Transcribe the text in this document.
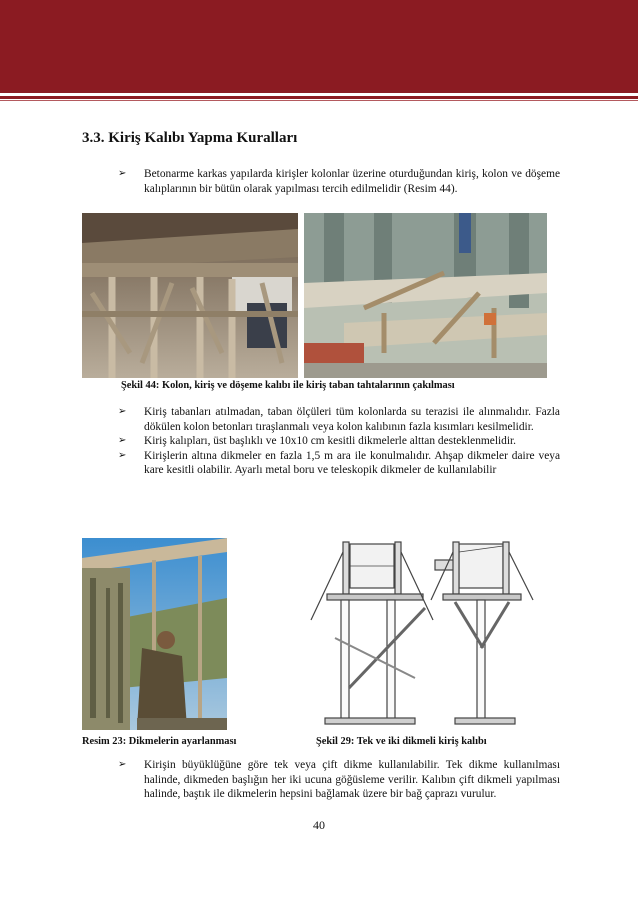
3.3. Kiriş Kalıbı Yapma Kuralları
➢ Betonarme karkas yapılarda kirişler kolonlar üzerine oturduğundan kiriş, kolon ve döşeme kalıplarının bir bütün olarak yapılması tercih edilmelidir (Resim 44).
Şekil 44: Kolon, kiriş ve döşeme kalıbı ile kiriş taban tahtalarının çakılması
➢ Kiriş tabanları atılmadan, taban ölçüleri tüm kolonlarda su terazisi ile alınmalıdır. Fazla dökülen kolon betonları tıraşlanmalı veya kolon kalıbının fazla kısımları kesilmelidir.
➢ Kiriş kalıpları, üst başlıklı ve 10x10 cm kesitli dikmelerle alttan desteklenmelidir.
➢ Kirişlerin altına dikmeler en fazla 1,5 m ara ile konulmalıdır. Ahşap dikmeler daire veya kare kesitli olabilir. Ayarlı metal boru ve teleskopik dikmeler de kullanılabilir
Resim 23: Dikmelerin ayarlanması	Şekil 29: Tek ve iki dikmeli kiriş kalıbı
➢ Kirişin büyüklüğüne göre tek veya çift dikme kullanılabilir. Tek dikme kullanılması halinde, dikmeden başlığın her iki ucuna göğüsleme verilir. Kalıbın çift dikmeli yapılması halinde, baştık ile dikmelerin hepsini bağlamak üzere bir bağ çaprazı vurulur.
40
